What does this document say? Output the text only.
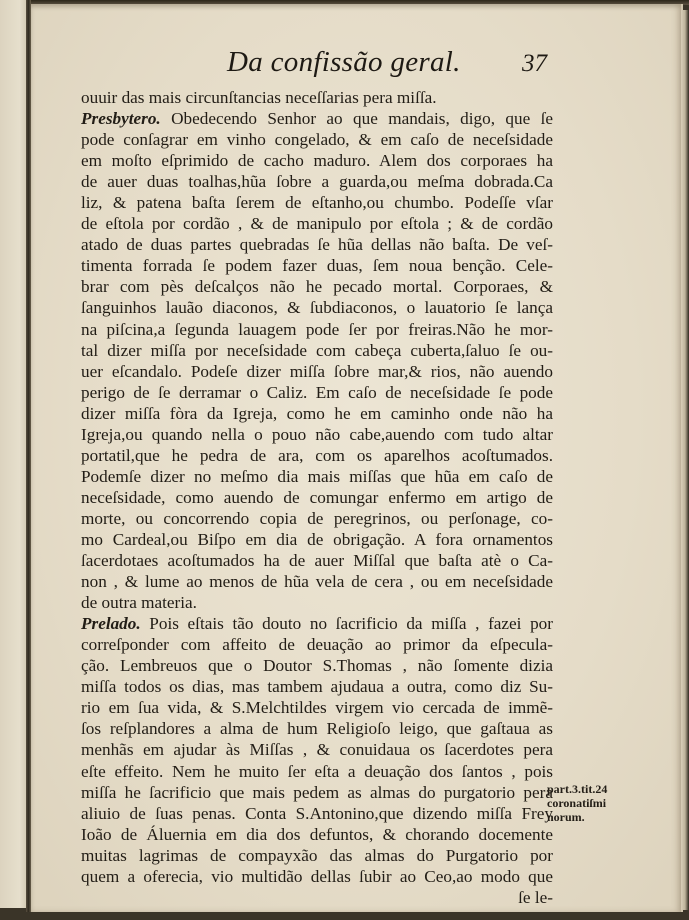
Da confissão geral. 37
ouuir das mais circunſtancias neceſſarias pera miſſa.
Presbytero. Obedecendo Senhor ao que mandais, digo, que ſe
pode conſagrar em vinho congelado, & em caſo de neceſsidade
em moſto eſprimido de cacho maduro. Alem dos corporaes ha
de auer duas toalhas,hũa ſobre a guarda,ou meſma dobrada.Ca
liz, & patena baſta ſerem de eſtanho,ou chumbo. Podeſſe vſar
de eſtola por cordão , & de manipulo por eſtola ; & de cordão
atado de duas partes quebradas ſe hũa dellas não baſta. De veſ-
timenta forrada ſe podem fazer duas, ſem noua benção. Cele-
brar com pès deſcalços não he pecado mortal. Corporaes, &
ſanguinhos lauão diaconos, & ſubdiaconos, o lauatorio ſe lança
na piſcina,a ſegunda lauagem pode ſer por freiras.Não he mor-
tal dizer miſſa por neceſsidade com cabeça cuberta,ſaluo ſe ou-
uer eſcandalo. Podeſe dizer miſſa ſobre mar,& rios, não auendo
perigo de ſe derramar o Caliz. Em caſo de neceſsidade ſe pode
dizer miſſa fòra da Igreja, como he em caminho onde não ha
Igreja,ou quando nella o pouo não cabe,auendo com tudo altar
portatil,que he pedra de ara, com os aparelhos acoſtumados.
Podemſe dizer no meſmo dia mais miſſas que hũa em caſo de
neceſsidade, como auendo de comungar enfermo em artigo de
morte, ou concorrendo copia de peregrinos, ou perſonage, co-
mo Cardeal,ou Biſpo em dia de obrigação. A fora ornamentos
ſacerdotaes acoſtumados ha de auer Miſſal que baſta atè o Ca-
non , & lume ao menos de hũa vela de cera , ou em neceſsidade
de outra materia.
Prelado. Pois eſtais tão douto no ſacrificio da miſſa , fazei por
correſponder com affeito de deuação ao primor da eſpecula-
ção. Lembreuos que o Doutor S.Thomas , não ſomente dizia
miſſa todos os dias, mas tambem ajudaua a outra, como diz Su-
rio em ſua vida, & S.Melchtildes virgem vio cercada de immẽ-
ſos reſplandores a alma de hum Religioſo leigo, que gaſtaua as
menhãs em ajudar às Miſſas , & conuidaua os ſacerdotes pera
eſte effeito. Nem he muito ſer eſta a deuação dos ſantos , pois
miſſa he ſacrificio que mais pedem as almas do purgatorio pera
aliuio de ſuas penas. Conta S.Antonino,que dizendo miſſa Frey
Ioão de Áluernia em dia dos defuntos, & chorando docemente
muitas lagrimas de compayxão das almas do Purgatorio por
quem a oferecia, vio multidão dellas ſubir ao Ceo,ao modo que
ſe le-
part.3.tit.24
coronatiſmi
norum.
